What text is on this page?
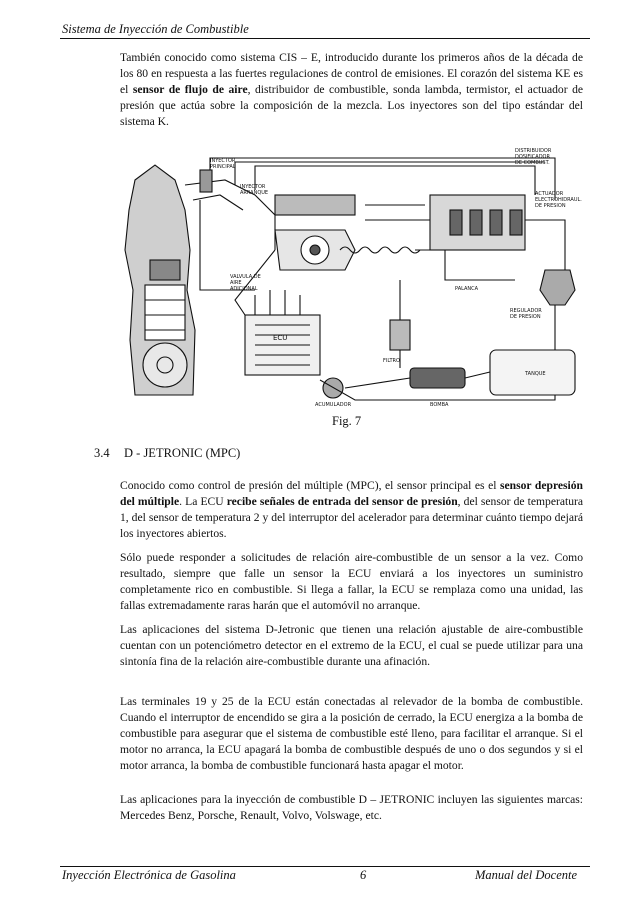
Sistema de Inyección de Combustible

También conocido como sistema CIS – E, introducido durante los primeros años de la década de los 80 en respuesta a las fuertes regulaciones de control de emisiones. El corazón del sistema KE es el sensor de flujo de aire, distribuidor de combustible, sonda lambda, termistor, el actuador de presión que actúa sobre la composición de la mezcla. Los inyectores son del tipo estándar del sistema K.

INYECTOR
PRINCIPAL
INYECTOR
ARRANQUE
DISTRIBUIDOR
DOSIFICADOR
DE COMBUST.
ACTUADOR
ELECTROHIDRAUL.
DE PRESION
VALVULA DE
AIRE
ADICIONAL	PALANCA
REGULADOR
DE PRESION
ECU
FILTRO
TANQUE
ACUMULADOR	BOMBA
Fig. 7
3.4 D - JETRONIC (MPC)

Conocido como control de presión del múltiple (MPC), el sensor principal es el sensor depresión del múltiple. La ECU recibe señales de entrada del sensor de presión, del sensor de temperatura 1, del sensor de temperatura 2 y del interruptor del acelerador para determinar cuánto tiempo dejará los inyectores abiertos.

Sólo puede responder a solicitudes de relación aire-combustible de un sensor a la vez. Como resultado, siempre que falle un sensor la ECU enviará a los inyectores un suministro completamente rico en combustible. Si llega a fallar, la ECU se remplaza como una unidad, las fallas extremadamente raras harán que el automóvil no arranque.

Las aplicaciones del sistema D-Jetronic que tienen una relación ajustable de aire-combustible cuentan con un potenciómetro detector en el extremo de la ECU, el cual se puede utilizar para una sintonía fina de la relación aire-combustible durante una afinación.

Las terminales 19 y 25 de la ECU están conectadas al relevador de la bomba de combustible. Cuando el interruptor de encendido se gira a la posición de cerrado, la ECU energiza a la bomba de combustible para asegurar que el sistema de combustible esté lleno, para facilitar el arranque. Si el motor no arranca, la ECU apagará la bomba de combustible después de uno o dos segundos y si el motor arranca, la bomba de combustible funcionará hasta apagar el motor.

Las aplicaciones para la inyección de combustible D – JETRONIC incluyen las siguientes marcas: Mercedes Benz, Porsche, Renault, Volvo, Volswage, etc.

Inyección Electrónica de Gasolina	6	Manual del Docente
